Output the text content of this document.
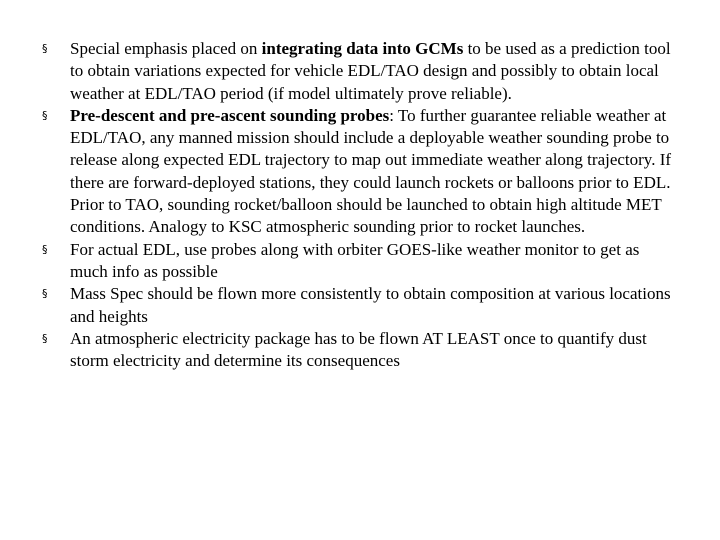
§ Special emphasis placed on integrating data into GCMs to be used as a prediction tool to obtain variations expected for vehicle EDL/TAO design and possibly to obtain local weather at EDL/TAO period (if model ultimately prove reliable).
§ Pre-descent and pre-ascent sounding probes: To further guarantee reliable weather at EDL/TAO, any manned mission should include a deployable weather sounding probe to release along expected EDL trajectory to map out immediate weather along trajectory. If there are forward-deployed stations, they could launch rockets or balloons prior to EDL. Prior to TAO, sounding rocket/balloon should be launched to obtain high altitude MET conditions. Analogy to KSC atmospheric sounding prior to rocket launches.
§ For actual EDL, use probes along with orbiter GOES-like weather monitor to get as much info as possible
§ Mass Spec should be flown more consistently to obtain composition at various locations and heights
§ An atmospheric electricity package has to be flown AT LEAST once to quantify dust storm electricity and determine its consequences
